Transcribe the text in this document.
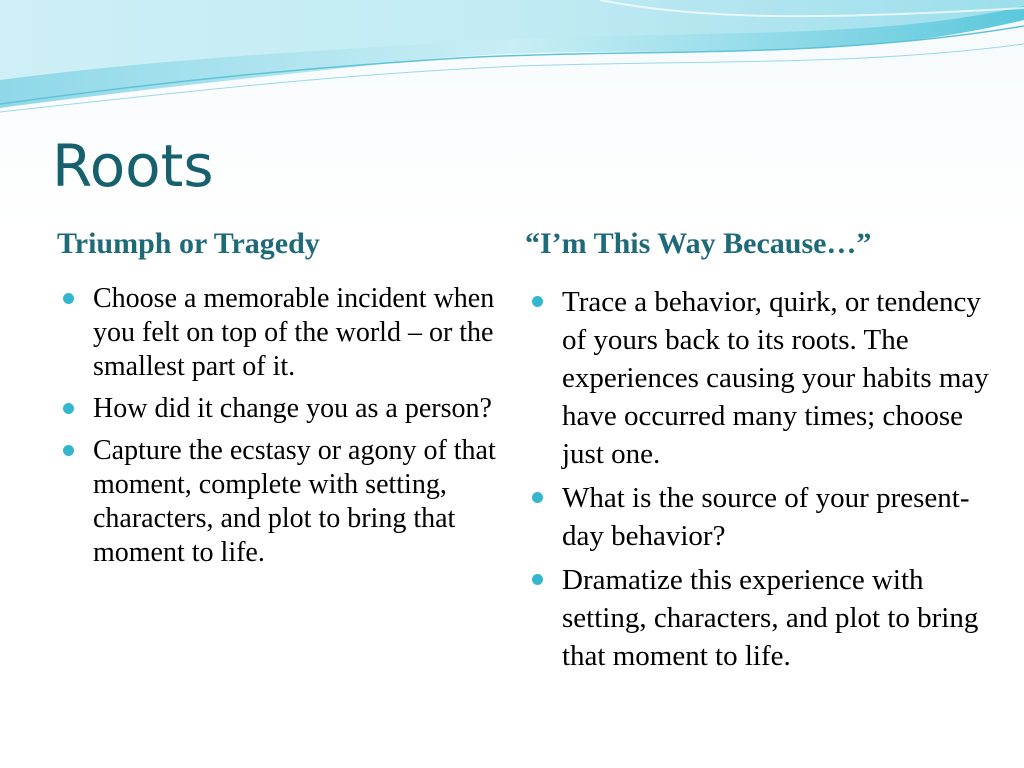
Roots
Triumph or Tragedy	“I’m This Way Because…”
Choose a memorable incident when you felt on top of the world – or the smallest part of it.
How did it change you as a person?
Capture the ecstasy or agony of that moment, complete with setting, characters, and plot to bring that moment to life.
Trace a behavior, quirk, or tendency of yours back to its roots. The experiences causing your habits may have occurred many times; choose just one.
What is the source of your present-day behavior?
Dramatize this experience with setting, characters, and plot to bring that moment to life.
